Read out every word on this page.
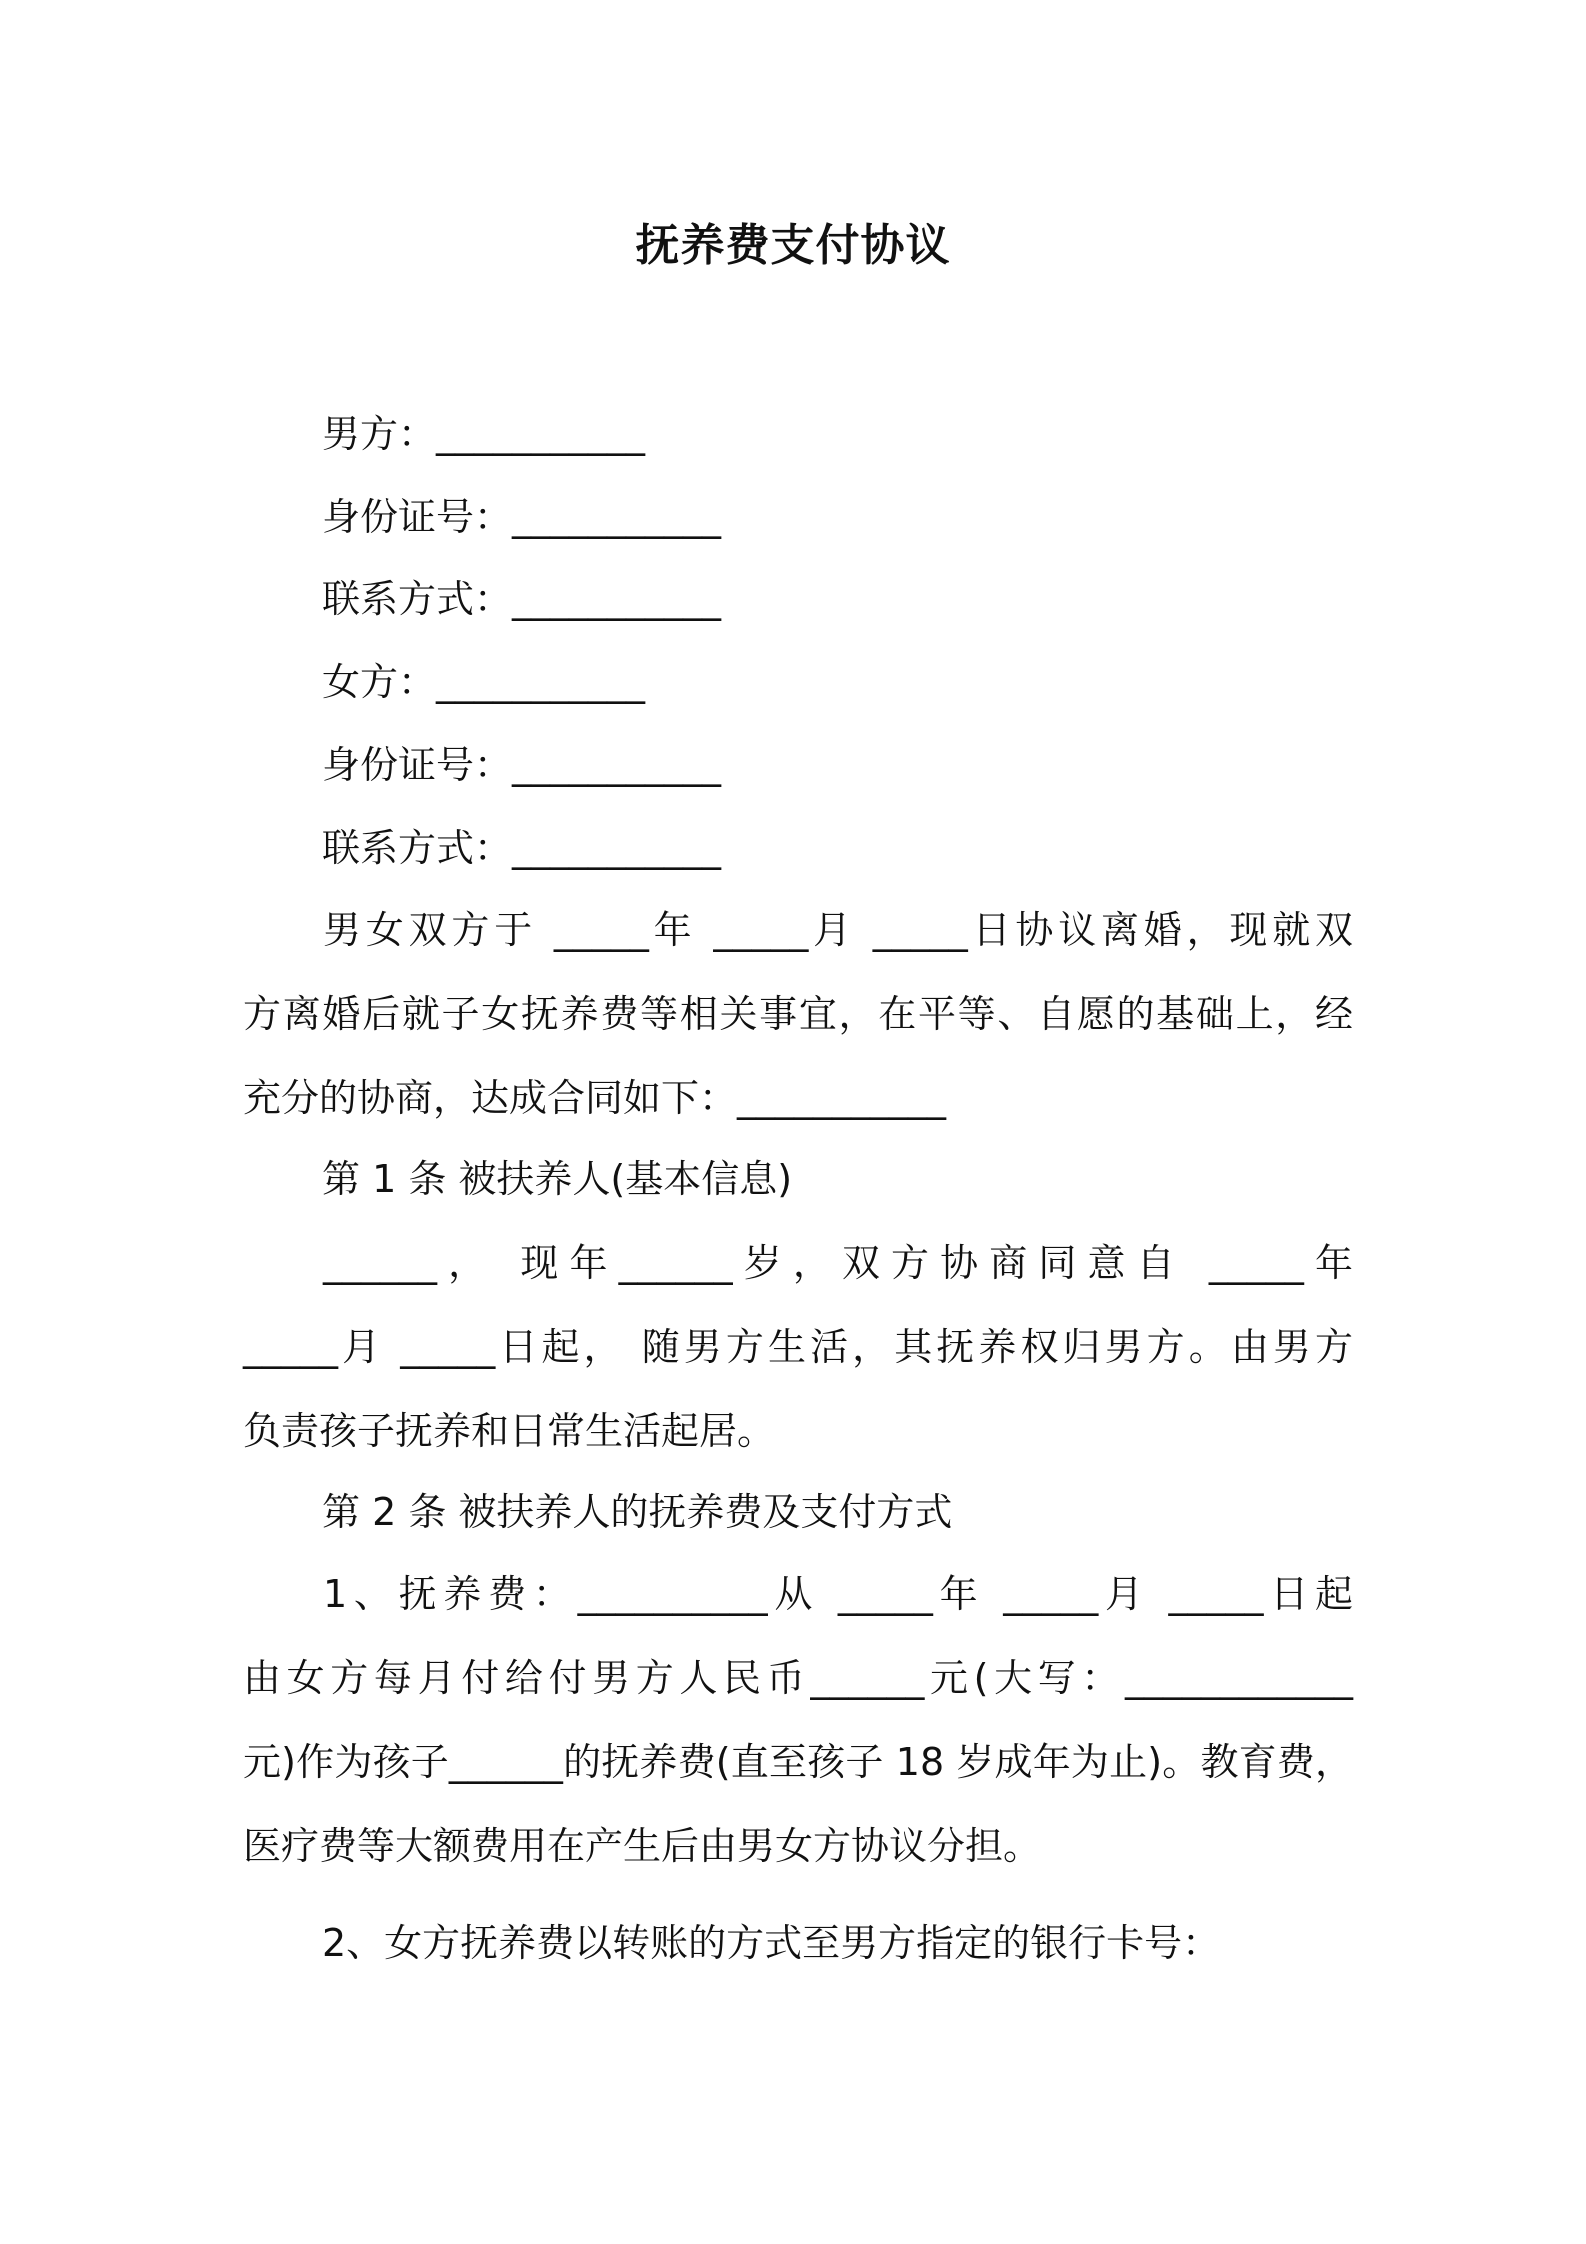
抚养费支付协议
男方：___________
身份证号：___________
联系方式：___________
女方：___________
身份证号：___________
联系方式：___________
男女双方于 _____年 _____月 _____日协议离婚，现就双
方离婚后就子女抚养费等相关事宜，在平等、自愿的基础上，经
充分的协商，达成合同如下：___________
第 1 条 被扶养人(基本信息)
______， 现年______岁，双方协商同意自 _____年
_____月 _____日起， 随男方生活，其抚养权归男方。由男方
负责孩子抚养和日常生活起居。
第 2 条 被扶养人的抚养费及支付方式
1、抚养费：__________从 _____年 _____月 _____日起
由女方每月付给付男方人民币______元(大写：____________
元)作为孩子______的抚养费(直至孩子 18 岁成年为止)。教育费，
医疗费等大额费用在产生后由男女方协议分担。
2、女方抚养费以转账的方式至男方指定的银行卡号：
